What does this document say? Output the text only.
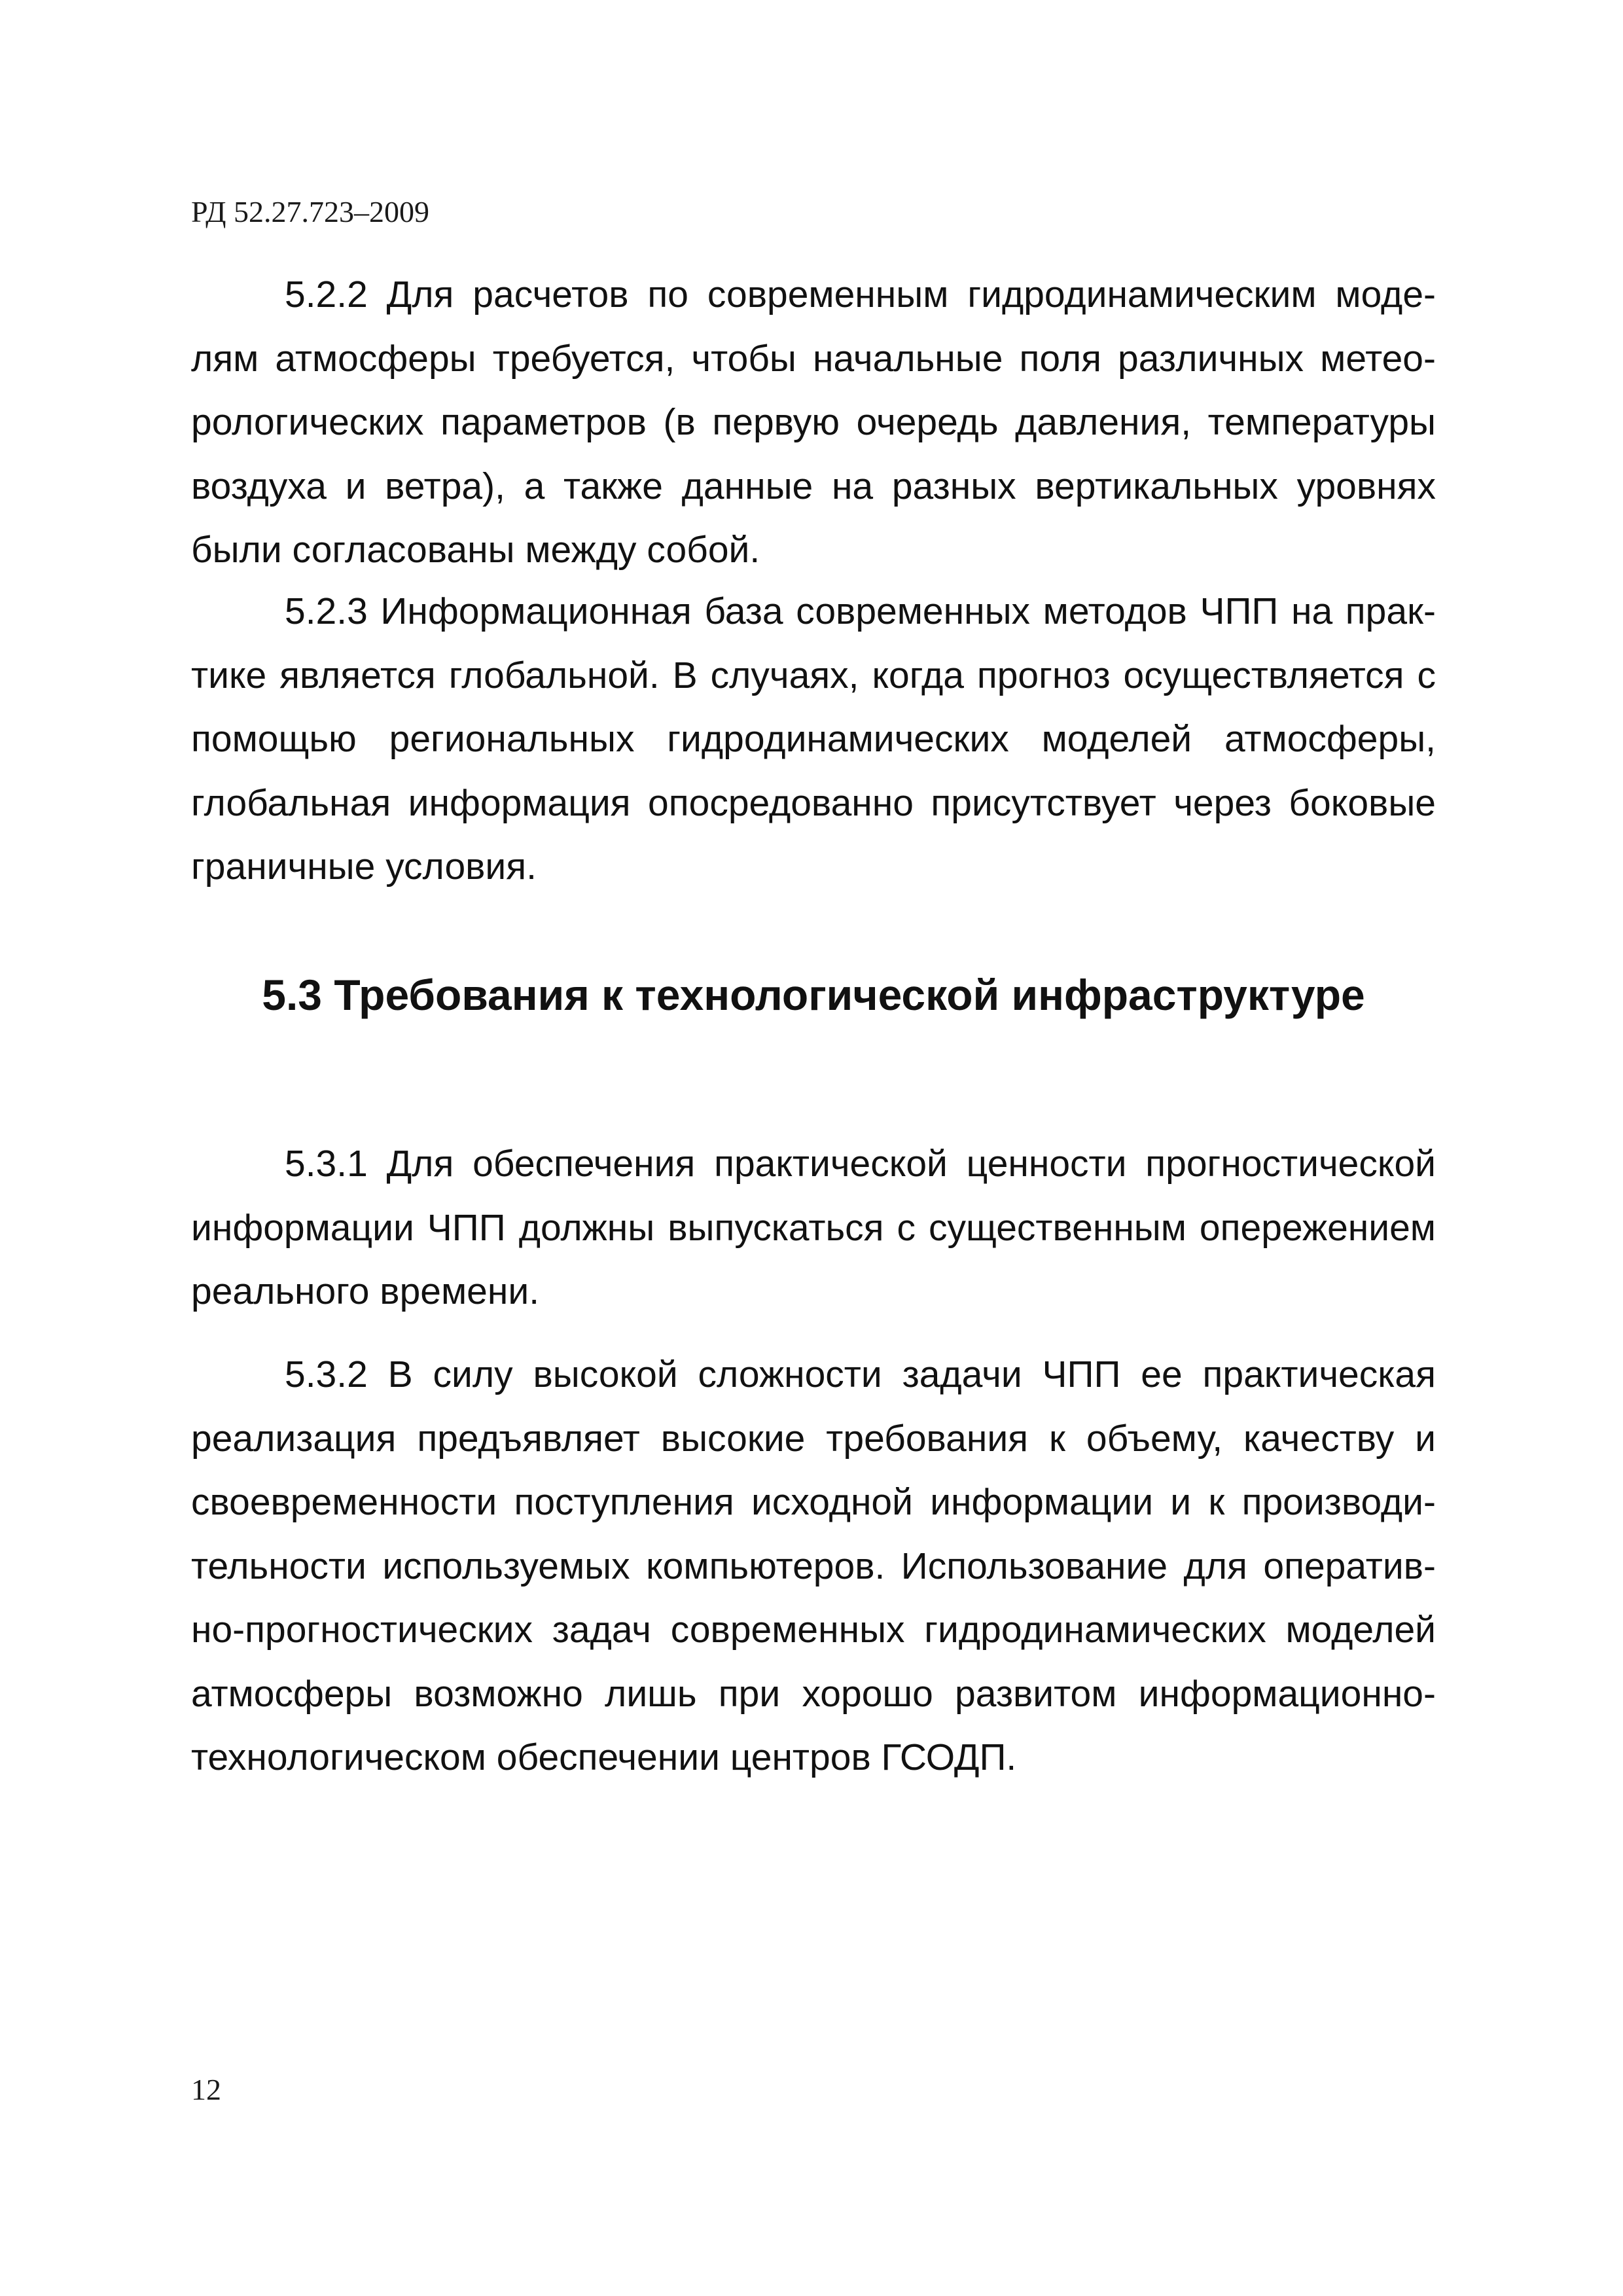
РД 52.27.723–2009
5.2.2 Для расчетов по современным гидродинамическим моде-
лям атмосферы требуется, чтобы начальные поля различных метео-
рологических параметров (в первую очередь давления, температуры
воздуха и ветра), а также данные на разных вертикальных уровнях
были согласованы между собой.
5.2.3 Информационная база современных методов ЧПП на прак-
тике является глобальной. В случаях, когда прогноз осуществляется с
помощью региональных гидродинамических моделей атмосферы,
глобальная информация опосредованно присутствует через боковые
граничные условия.
5.3 Требования к технологической инфраструктуре
5.3.1 Для обеспечения практической ценности прогностической
информации ЧПП должны выпускаться с существенным опережением
реального времени.
5.3.2 В силу высокой сложности задачи ЧПП ее практическая
реализация предъявляет высокие требования к объему, качеству и
своевременности поступления исходной информации и к производи-
тельности используемых компьютеров. Использование для оператив-
но-прогностических задач современных гидродинамических моделей
атмосферы возможно лишь при хорошо развитом информационно-
технологическом обеспечении центров ГСОДП.
12
